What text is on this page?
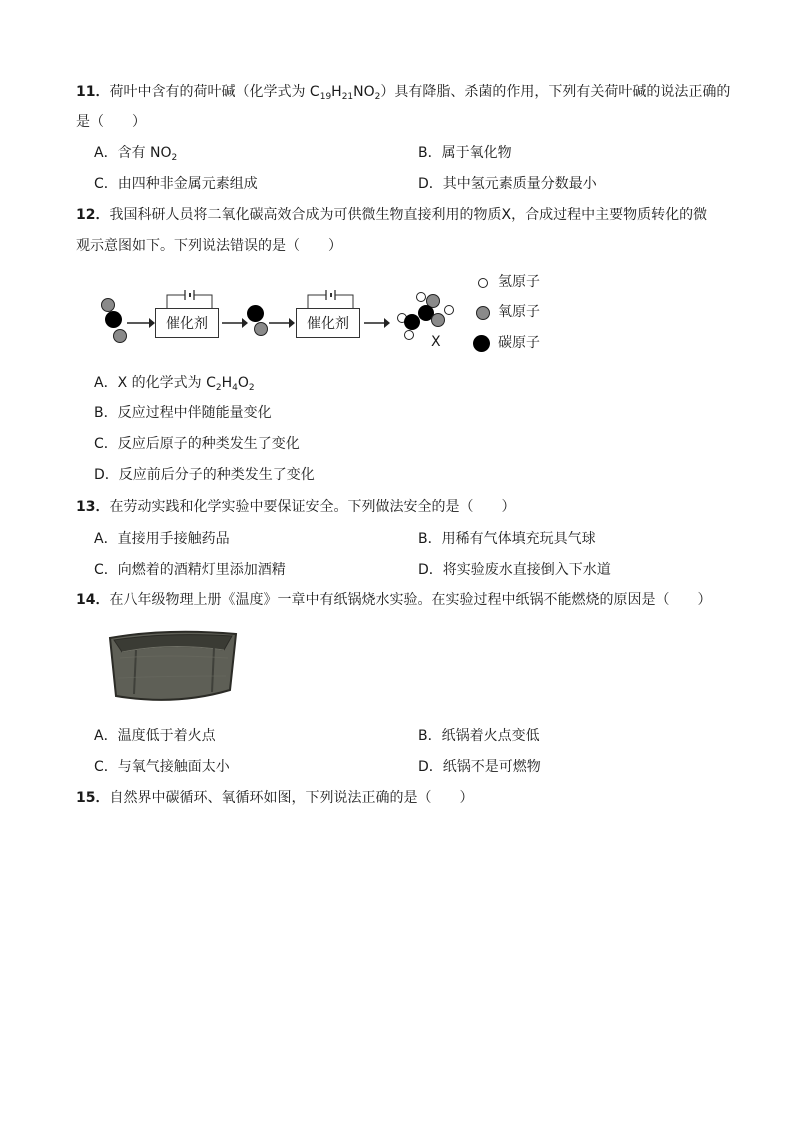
11．荷叶中含有的荷叶碱（化学式为 $C_{19}H_{21}NO_2$）具有降脂、杀菌的作用，下列有关荷叶碱的说法正确的
是（　　）
A．含有 $NO_2$	B．属于氧化物
C．由四种非金属元素组成	D．其中氢元素质量分数最小
12．我国科研人员将二氧化碳高效合成为可供微生物直接利用的物质X，合成过程中主要物质转化的微
观示意图如下。下列说法错误的是（　　）
催化剂	催化剂
X
氢原子
氧原子
碳原子
A．X 的化学式为 $C_2H_4O_2$
B．反应过程中伴随能量变化
C．反应后原子的种类发生了变化
D．反应前后分子的种类发生了变化
13．在劳动实践和化学实验中要保证安全。下列做法安全的是（　　）
A．直接用手接触药品	B．用稀有气体填充玩具气球
C．向燃着的酒精灯里添加酒精	D．将实验废水直接倒入下水道
14．在八年级物理上册《温度》一章中有纸锅烧水实验。在实验过程中纸锅不能燃烧的原因是（　　）
A．温度低于着火点	B．纸锅着火点变低
C．与氧气接触面太小	D．纸锅不是可燃物
15．自然界中碳循环、氧循环如图，下列说法正确的是（　　）
